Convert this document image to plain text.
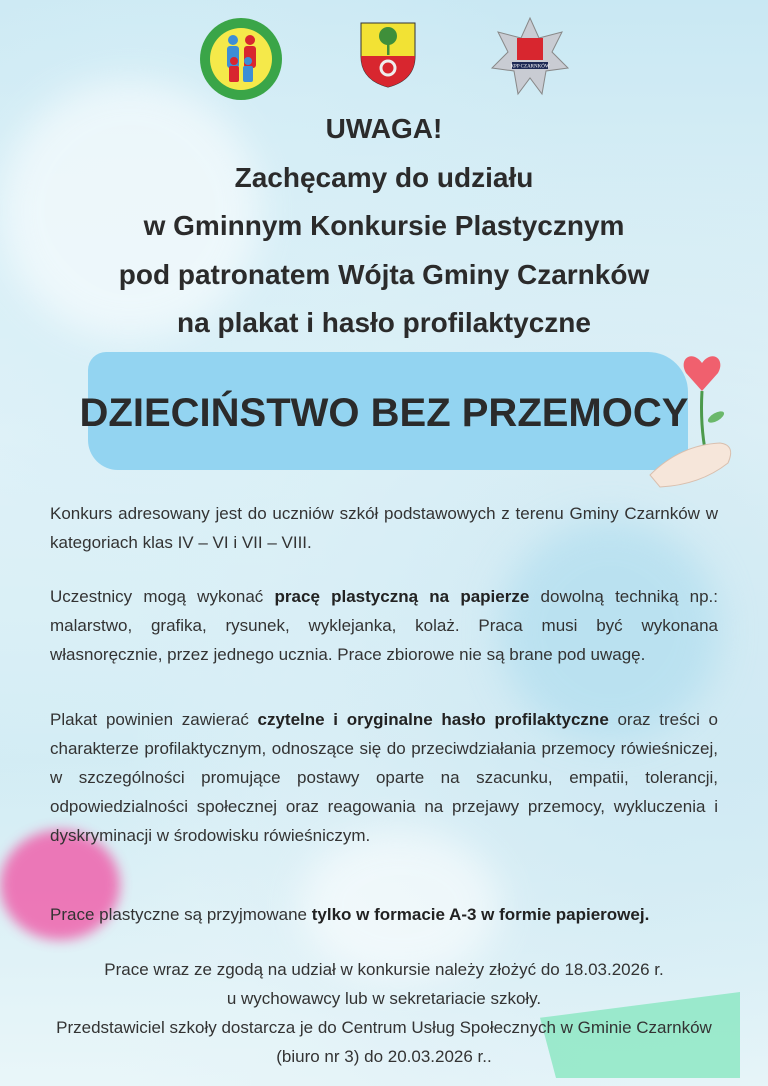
KPP CZARNKÓW
UWAGA!
Zachęcamy do udziału
w Gminnym Konkursie Plastycznym
pod patronatem Wójta Gminy Czarnków
na plakat i hasło profilaktyczne
DZIECIŃSTWO BEZ PRZEMOCY
Konkurs adresowany jest do uczniów szkół podstawowych z terenu Gminy Czarnków w kategoriach klas IV – VI i VII – VIII.
Uczestnicy mogą wykonać pracę plastyczną na papierze dowolną techniką np.: malarstwo, grafika, rysunek, wyklejanka, kolaż. Praca musi być wykonana własnoręcznie, przez jednego ucznia. Prace zbiorowe nie są brane pod uwagę.
Plakat powinien zawierać czytelne i oryginalne hasło profilaktyczne oraz treści o charakterze profilaktycznym, odnoszące się do przeciwdziałania przemocy rówieśniczej, w szczególności promujące postawy oparte na szacunku, empatii, tolerancji, odpowiedzialności społecznej oraz reagowania na przejawy przemocy, wykluczenia i dyskryminacji w środowisku rówieśniczym.
Prace plastyczne są przyjmowane tylko w formacie A-3 w formie papierowej.
Prace wraz ze zgodą na udział w konkursie należy złożyć do 18.03.2026 r.
u wychowawcy lub w sekretariacie szkoły.
Przedstawiciel szkoły dostarcza je do Centrum Usług Społecznych w Gminie Czarnków (biuro nr 3) do 20.03.2026 r..
